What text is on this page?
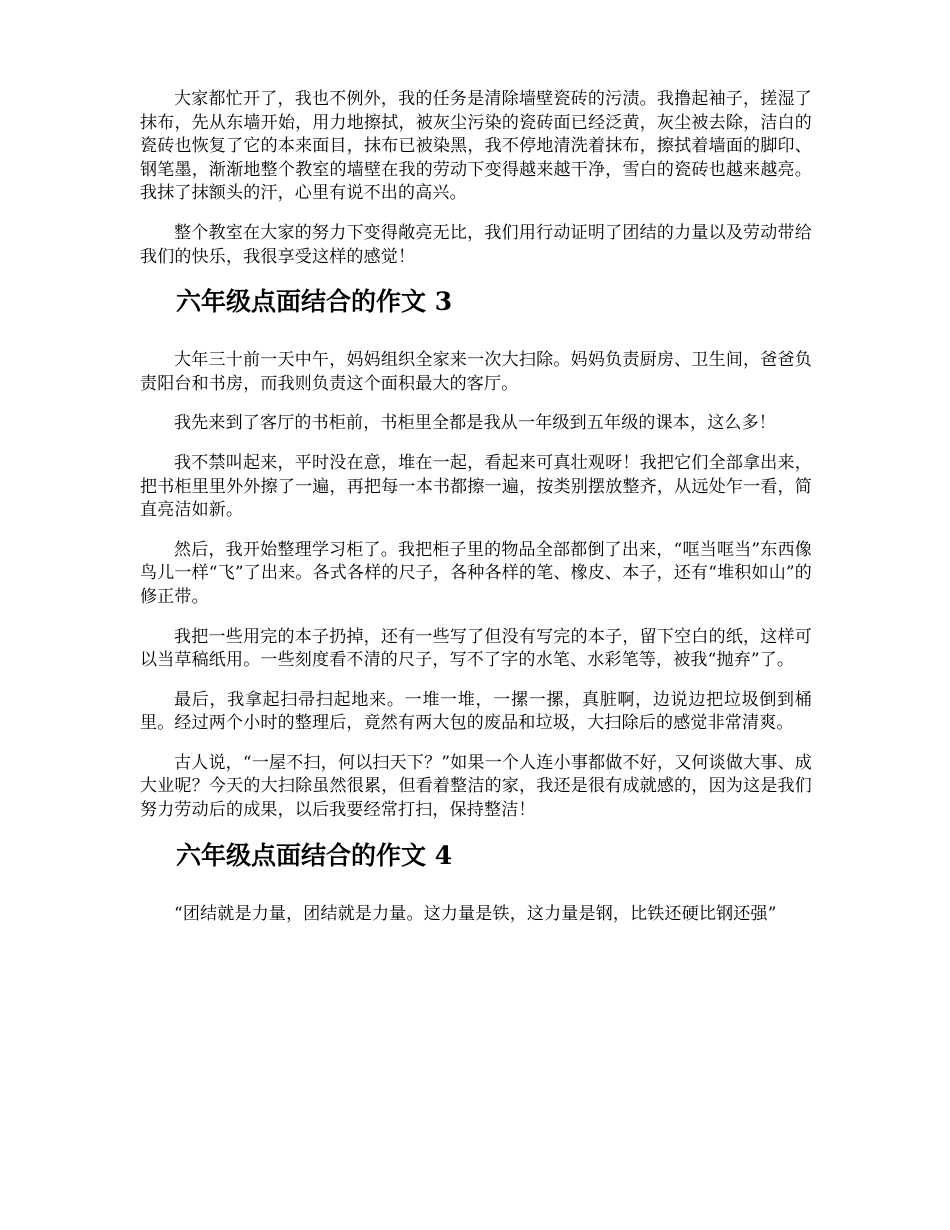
大家都忙开了，我也不例外，我的任务是清除墙壁瓷砖的污渍。我撸起袖子，搓湿了抹布，先从东墙开始，用力地擦拭，被灰尘污染的瓷砖面已经泛黄，灰尘被去除，洁白的瓷砖也恢复了它的本来面目，抹布已被染黑，我不停地清洗着抹布，擦拭着墙面的脚印、钢笔墨，渐渐地整个教室的墙壁在我的劳动下变得越来越干净，雪白的瓷砖也越来越亮。我抹了抹额头的汗，心里有说不出的高兴。

整个教室在大家的努力下变得敞亮无比，我们用行动证明了团结的力量以及劳动带给我们的快乐，我很享受这样的感觉！

六年级点面结合的作文 3

大年三十前一天中午，妈妈组织全家来一次大扫除。妈妈负责厨房、卫生间，爸爸负责阳台和书房，而我则负责这个面积最大的客厅。

我先来到了客厅的书柜前，书柜里全都是我从一年级到五年级的课本，这么多！

我不禁叫起来，平时没在意，堆在一起，看起来可真壮观呀！我把它们全部拿出来，把书柜里里外外擦了一遍，再把每一本书都擦一遍，按类别摆放整齐，从远处乍一看，简直亮洁如新。

然后，我开始整理学习柜了。我把柜子里的物品全部都倒了出来，“哐当哐当”东西像鸟儿一样“飞”了出来。各式各样的尺子，各种各样的笔、橡皮、本子，还有“堆积如山”的修正带。

我把一些用完的本子扔掉，还有一些写了但没有写完的本子，留下空白的纸，这样可以当草稿纸用。一些刻度看不清的尺子，写不了字的水笔、水彩笔等，被我“抛弃”了。

最后，我拿起扫帚扫起地来。一堆一堆，一摞一摞，真脏啊，边说边把垃圾倒到桶里。经过两个小时的整理后，竟然有两大包的废品和垃圾，大扫除后的感觉非常清爽。

古人说，“一屋不扫，何以扫天下？”如果一个人连小事都做不好，又何谈做大事、成大业呢？今天的大扫除虽然很累，但看着整洁的家，我还是很有成就感的，因为这是我们努力劳动后的成果，以后我要经常打扫，保持整洁！

六年级点面结合的作文 4

“团结就是力量，团结就是力量。这力量是铁，这力量是钢，比铁还硬比钢还强”
